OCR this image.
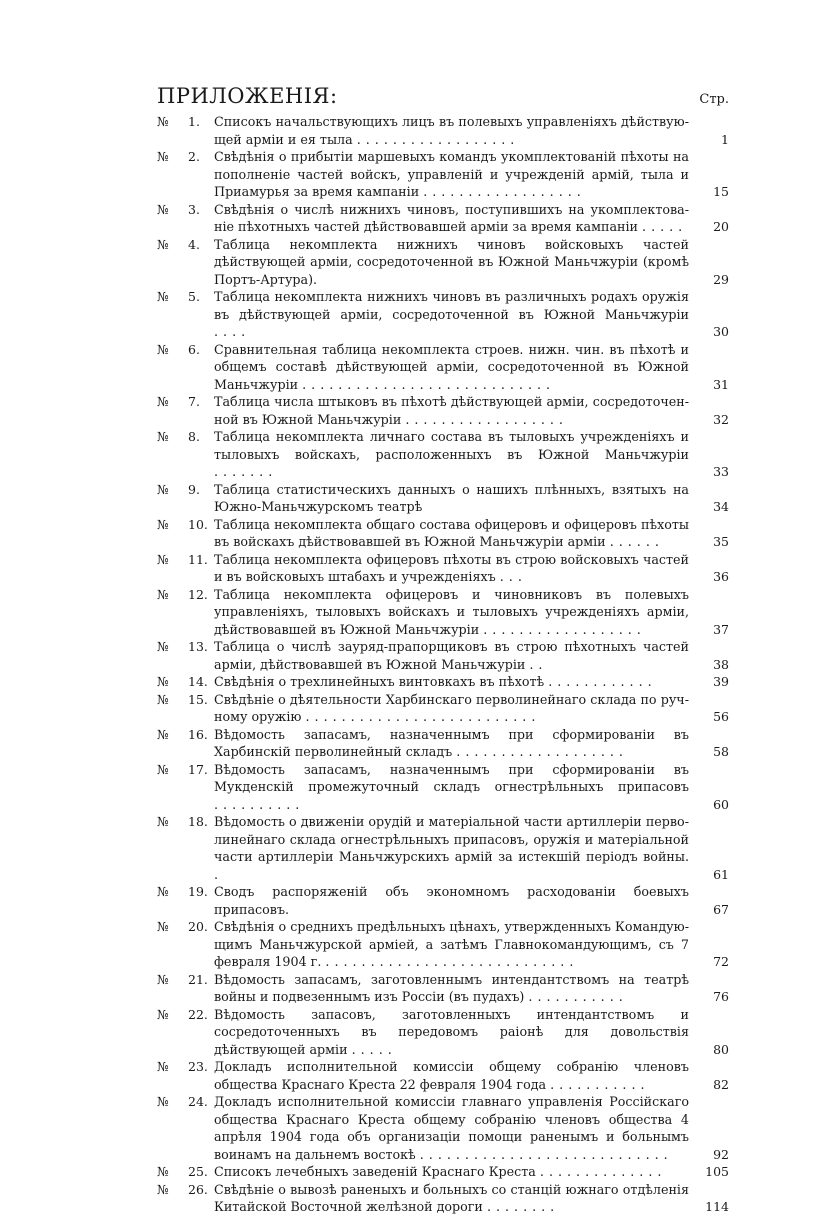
ПРИЛОЖЕНІЯ:	Стр.
№ 1. Списокъ начальствующихъ лицъ въ полевыхъ управленіяхъ дѣйствующей арміи и ея тыла ..................	1
№ 2. Свѣдѣнія о прибытіи маршевыхъ командъ укомплектованій пѣхоты на пополненіе частей войскъ, управленій и учрежденій армій, тыла и Приамурья за время кампаніи ..................	15
№ 3. Свѣдѣнія о числѣ нижнихъ чиновъ, поступившихъ на укомплектованіе пѣхотныхъ частей дѣйствовавшей арміи за время кампаніи .....	20
№ 4. Таблица некомплекта нижнихъ чиновъ войсковыхъ частей дѣйствующей арміи, сосредоточенной въ Южной Маньчжуріи (кромѣ Портъ-Артура).	29
№ 5. Таблица некомплекта нижнихъ чиновъ въ различныхъ родахъ оружія въ дѣйствующей арміи, сосредоточенной въ Южной Маньчжуріи ....	30
№ 6. Сравнительная таблица некомплекта строев. нижн. чин. въ пѣхотѣ и общемъ составѣ дѣйствующей арміи, сосредоточенной въ Южной Маньчжуріи ............................	31
№ 7. Таблица числа штыковъ въ пѣхотѣ дѣйствующей арміи, сосредоточенной въ Южной Маньчжуріи ..................	32
№ 8. Таблица некомплекта личнаго состава въ тыловыхъ учрежденіяхъ и тыловыхъ войскахъ, расположенныхъ въ Южной Маньчжуріи .......	33
№ 9. Таблица статистическихъ данныхъ о нашихъ плѣнныхъ, взятыхъ на Южно-Маньчжурскомъ театрѣ	34
№ 10. Таблица некомплекта общаго состава офицеровъ и офицеровъ пѣхоты въ войскахъ дѣйствовавшей въ Южной Маньчжуріи арміи ......	35
№ 11. Таблица некомплекта офицеровъ пѣхоты въ строю войсковыхъ частей и въ войсковыхъ штабахъ и учрежденіяхъ ...	36
№ 12. Таблица некомплекта офицеровъ и чиновниковъ въ полевыхъ управленіяхъ, тыловыхъ войскахъ и тыловыхъ учрежденіяхъ арміи, дѣйствовавшей въ Южной Маньчжуріи ..................	37
№ 13. Таблица о числѣ зауряд-прапорщиковъ въ строю пѣхотныхъ частей арміи, дѣйствовавшей въ Южной Маньчжуріи ..	38
№ 14. Свѣдѣнія о трехлинейныхъ винтовкахъ въ пѣхотѣ ............	39
№ 15. Свѣдѣніе о дѣятельности Харбинскаго перволинейнаго склада по ручному оружію ..........................	56
№ 16. Вѣдомость запасамъ, назначеннымъ при сформированіи въ Харбинскій перволинейный складъ ...................	58
№ 17. Вѣдомость запасамъ, назначеннымъ при сформированіи въ Мукденскій промежуточный складъ огнестрѣльныхъ припасовъ ..........	60
№ 18. Вѣдомость о движеніи орудій и матеріальной части артиллеріи перволинейнаго склада огнестрѣльныхъ припасовъ, оружія и матеріальной части артиллеріи Маньчжурскихъ армій за истекшій періодъ войны. .	61
№ 19. Сводъ распоряженій объ экономномъ расходованіи боевыхъ припасовъ.	67
№ 20. Свѣдѣнія о среднихъ предѣльныхъ цѣнахъ, утвержденныхъ Командующимъ Маньчжурской арміей, а затѣмъ Главнокомандующимъ, съ 7 февраля 1904 г. ............................	72
№ 21. Вѣдомость запасамъ, заготовленнымъ интендантствомъ на театрѣ войны и подвезеннымъ изъ Россіи (въ пудахъ) ...........	76
№ 22. Вѣдомость запасовъ, заготовленныхъ интендантствомъ и сосредоточенныхъ въ передовомъ раіонѣ для довольствія дѣйствующей арміи .....	80
№ 23. Докладъ исполнительной комиссіи общему собранію членовъ общества Краснаго Креста 22 февраля 1904 года ...........	82
№ 24. Докладъ исполнительной комиссіи главнаго управленія Россійскаго общества Краснаго Креста общему собранію членовъ общества 4 апрѣля 1904 года объ организаціи помощи раненымъ и больнымъ воинамъ на дальнемъ востокѣ ............................	92
№ 25. Списокъ лечебныхъ заведеній Краснаго Креста ..............	105
№ 26. Свѣдѣніе о вывозѣ раненыхъ и больныхъ со станцій южнаго отдѣленія Китайской Восточной желѣзной дороги ........	114
